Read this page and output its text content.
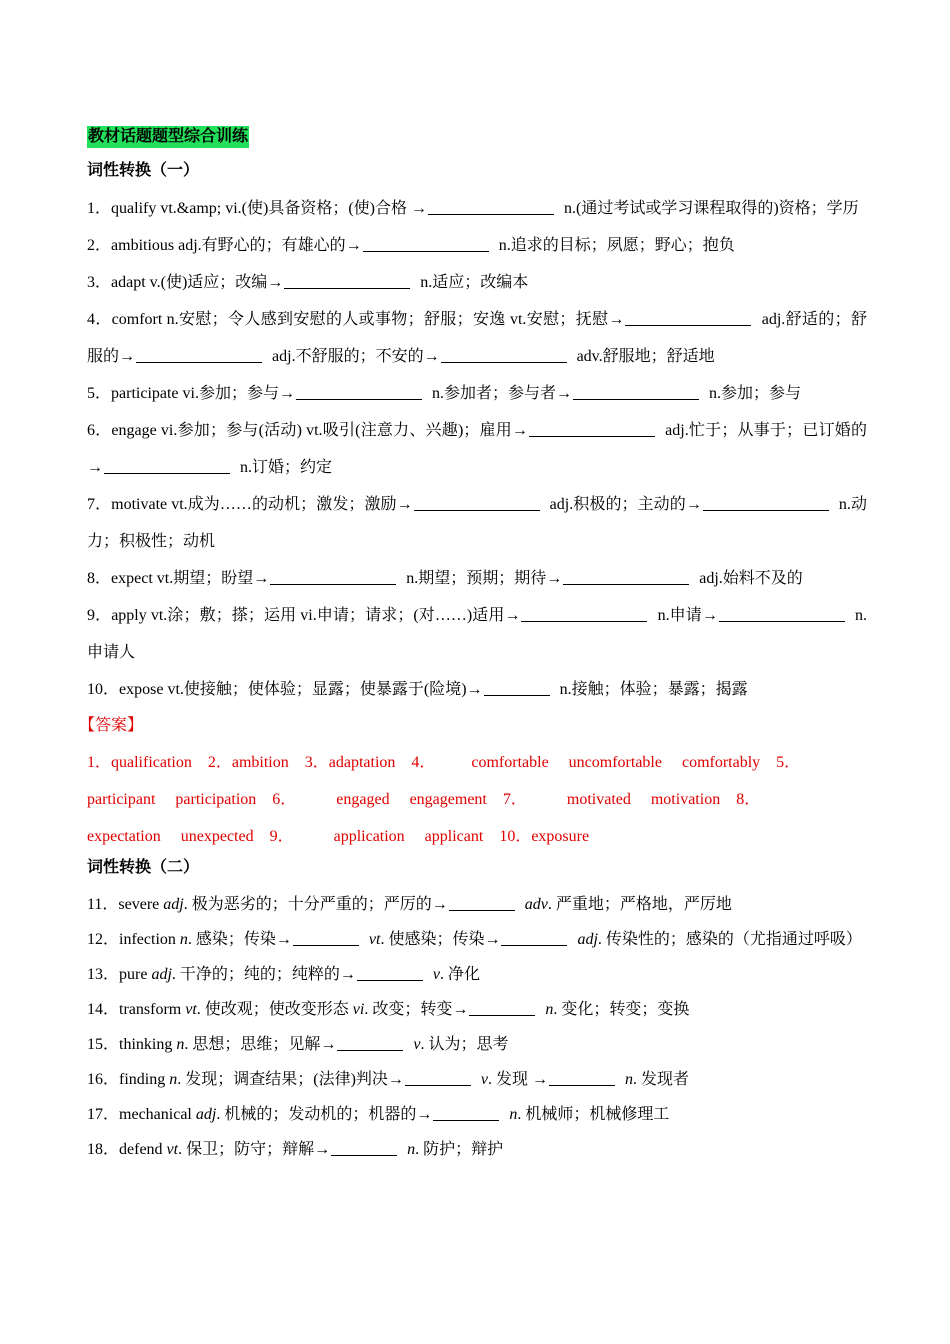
教材话题题型综合训练
词性转换（一）
1．qualify vt.&amp; vi.(使)具备资格；(使)合格 →	n.(通过考试或学习课程取得的)资格；学历
2．ambitious adj.有野心的；有雄心的→	n.追求的目标；夙愿；野心；抱负
3．adapt v.(使)适应；改编→	n.适应；改编本
4．comfort n.安慰；令人感到安慰的人或事物；舒服；安逸 vt.安慰；抚慰→	adj.舒适的；舒服的→	adj.不舒服的；不安的→	adv.舒服地；舒适地
5．participate vi.参加；参与→	n.参加者；参与者→	n.参加；参与
6．engage vi.参加；参与(活动) vt.吸引(注意力、兴趣)；雇用→	adj.忙于；从事于；已订婚的→	n.订婚；约定
7．motivate vt.成为……的动机；激发；激励→	adj.积极的；主动的→	n.动力；积极性；动机
8．expect vt.期望；盼望→	n.期望；预期；期待→	adj.始料不及的
9．apply vt.涂；敷；搽；运用 vi.申请；请求；(对……)适用→	n.申请→	n.申请人
10．expose vt.使接触；使体验；显露；使暴露于(险境)→	n.接触；体验；暴露；揭露
【答案】
1．qualification    2．ambition    3．adaptation    4．         comfortable     uncomfortable     comfortably    5．
participant     participation    6．          engaged     engagement    7．          motivated     motivation    8．
expectation     unexpected    9．          application     applicant    10．exposure
词性转换（二）
11．severe adj. 极为恶劣的；十分严重的；严厉的→	adv. 严重地；严格地，严厉地
12．infection n. 感染；传染→	vt. 使感染；传染→	adj. 传染性的；感染的（尤指通过呼吸）
13．pure adj. 干净的；纯的；纯粹的→	v. 净化
14．transform vt. 使改观；使改变形态 vi. 改变；转变→	n. 变化；转变；变换
15．thinking n. 思想；思维；见解→	v. 认为；思考
16．finding n. 发现；调查结果；(法律)判决→	v. 发现 →	n. 发现者
17．mechanical adj. 机械的；发动机的；机器的→	n. 机械师；机械修理工
18．defend vt. 保卫；防守；辩解→	n. 防护；辩护
